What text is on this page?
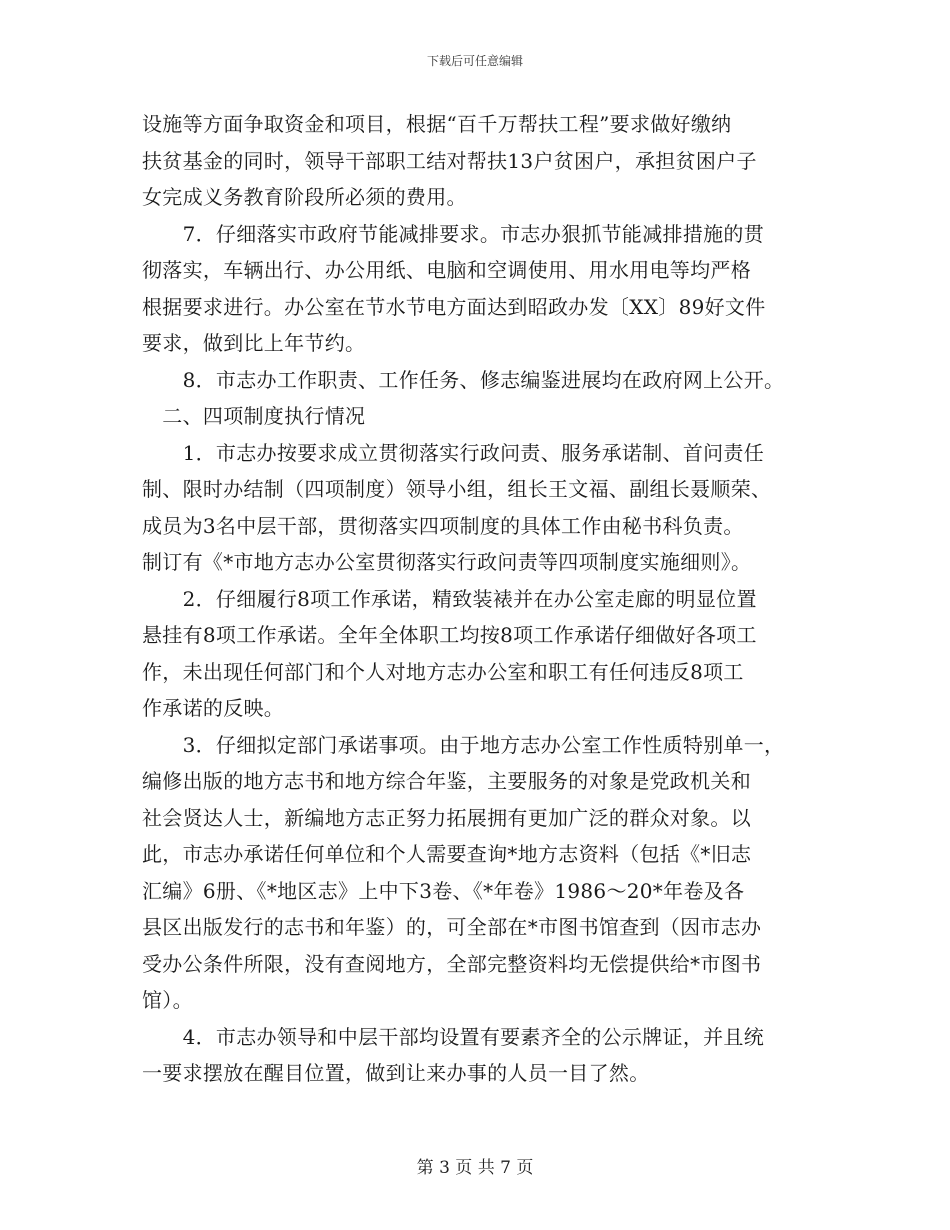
下载后可任意编辑
设施等方面争取资金和项目，根据“百千万帮扶工程”要求做好缴纳
扶贫基金的同时，领导干部职工结对帮扶13户贫困户，承担贫困户子
女完成义务教育阶段所必须的费用。
　　7．仔细落实市政府节能减排要求。市志办狠抓节能减排措施的贯
彻落实，车辆出行、办公用纸、电脑和空调使用、用水用电等均严格
根据要求进行。办公室在节水节电方面达到昭政办发〔XX〕89好文件
要求，做到比上年节约。
　　8．市志办工作职责、工作任务、修志编鉴进展均在政府网上公开。
　二、四项制度执行情况
　　1．市志办按要求成立贯彻落实行政问责、服务承诺制、首问责任
制、限时办结制（四项制度）领导小组，组长王文福、副组长聂顺荣、
成员为3名中层干部，贯彻落实四项制度的具体工作由秘书科负责。
制订有《*市地方志办公室贯彻落实行政问责等四项制度实施细则》。
　　2．仔细履行8项工作承诺，精致装裱并在办公室走廊的明显位置
悬挂有8项工作承诺。全年全体职工均按8项工作承诺仔细做好各项工
作，未出现任何部门和个人对地方志办公室和职工有任何违反8项工
作承诺的反映。
　　3．仔细拟定部门承诺事项。由于地方志办公室工作性质特别单一，
编修出版的地方志书和地方综合年鉴，主要服务的对象是党政机关和
社会贤达人士，新编地方志正努力拓展拥有更加广泛的群众对象。以
此，市志办承诺任何单位和个人需要查询*地方志资料（包括《*旧志
汇编》6册、《*地区志》上中下3卷、《*年卷》1986～20*年卷及各
县区出版发行的志书和年鉴）的，可全部在*市图书馆查到（因市志办
受办公条件所限，没有查阅地方，全部完整资料均无偿提供给*市图书
馆）。
　　4．市志办领导和中层干部均设置有要素齐全的公示牌证，并且统
一要求摆放在醒目位置，做到让来办事的人员一目了然。
第 3 页 共 7 页
